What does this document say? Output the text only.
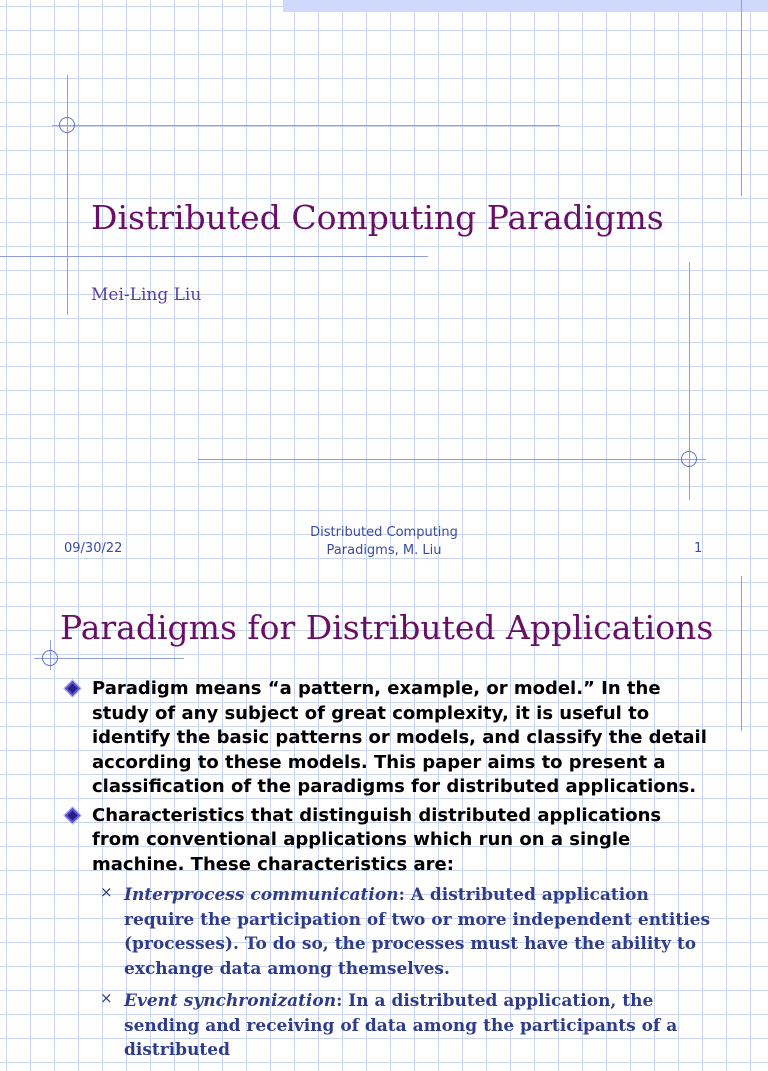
Distributed Computing Paradigms
Mei-Ling Liu
09/30/22
Distributed Computing
Paradigms, M. Liu	1
Paradigms for Distributed Applications
Paradigm means “a pattern, example, or model.” In the study of any subject of great complexity, it is useful to identify the basic patterns or models, and classify the detail according to these models. This paper aims to present a classification of the paradigms for distributed applications.
Characteristics that distinguish distributed applications from conventional applications which run on a single machine. These characteristics are:
× Interprocess communication: A distributed application require the participation of two or more independent entities (processes). To do so, the processes must have the ability to exchange data among themselves.
× Event synchronization: In a distributed application, the sending and receiving of data among the participants of a distributed
